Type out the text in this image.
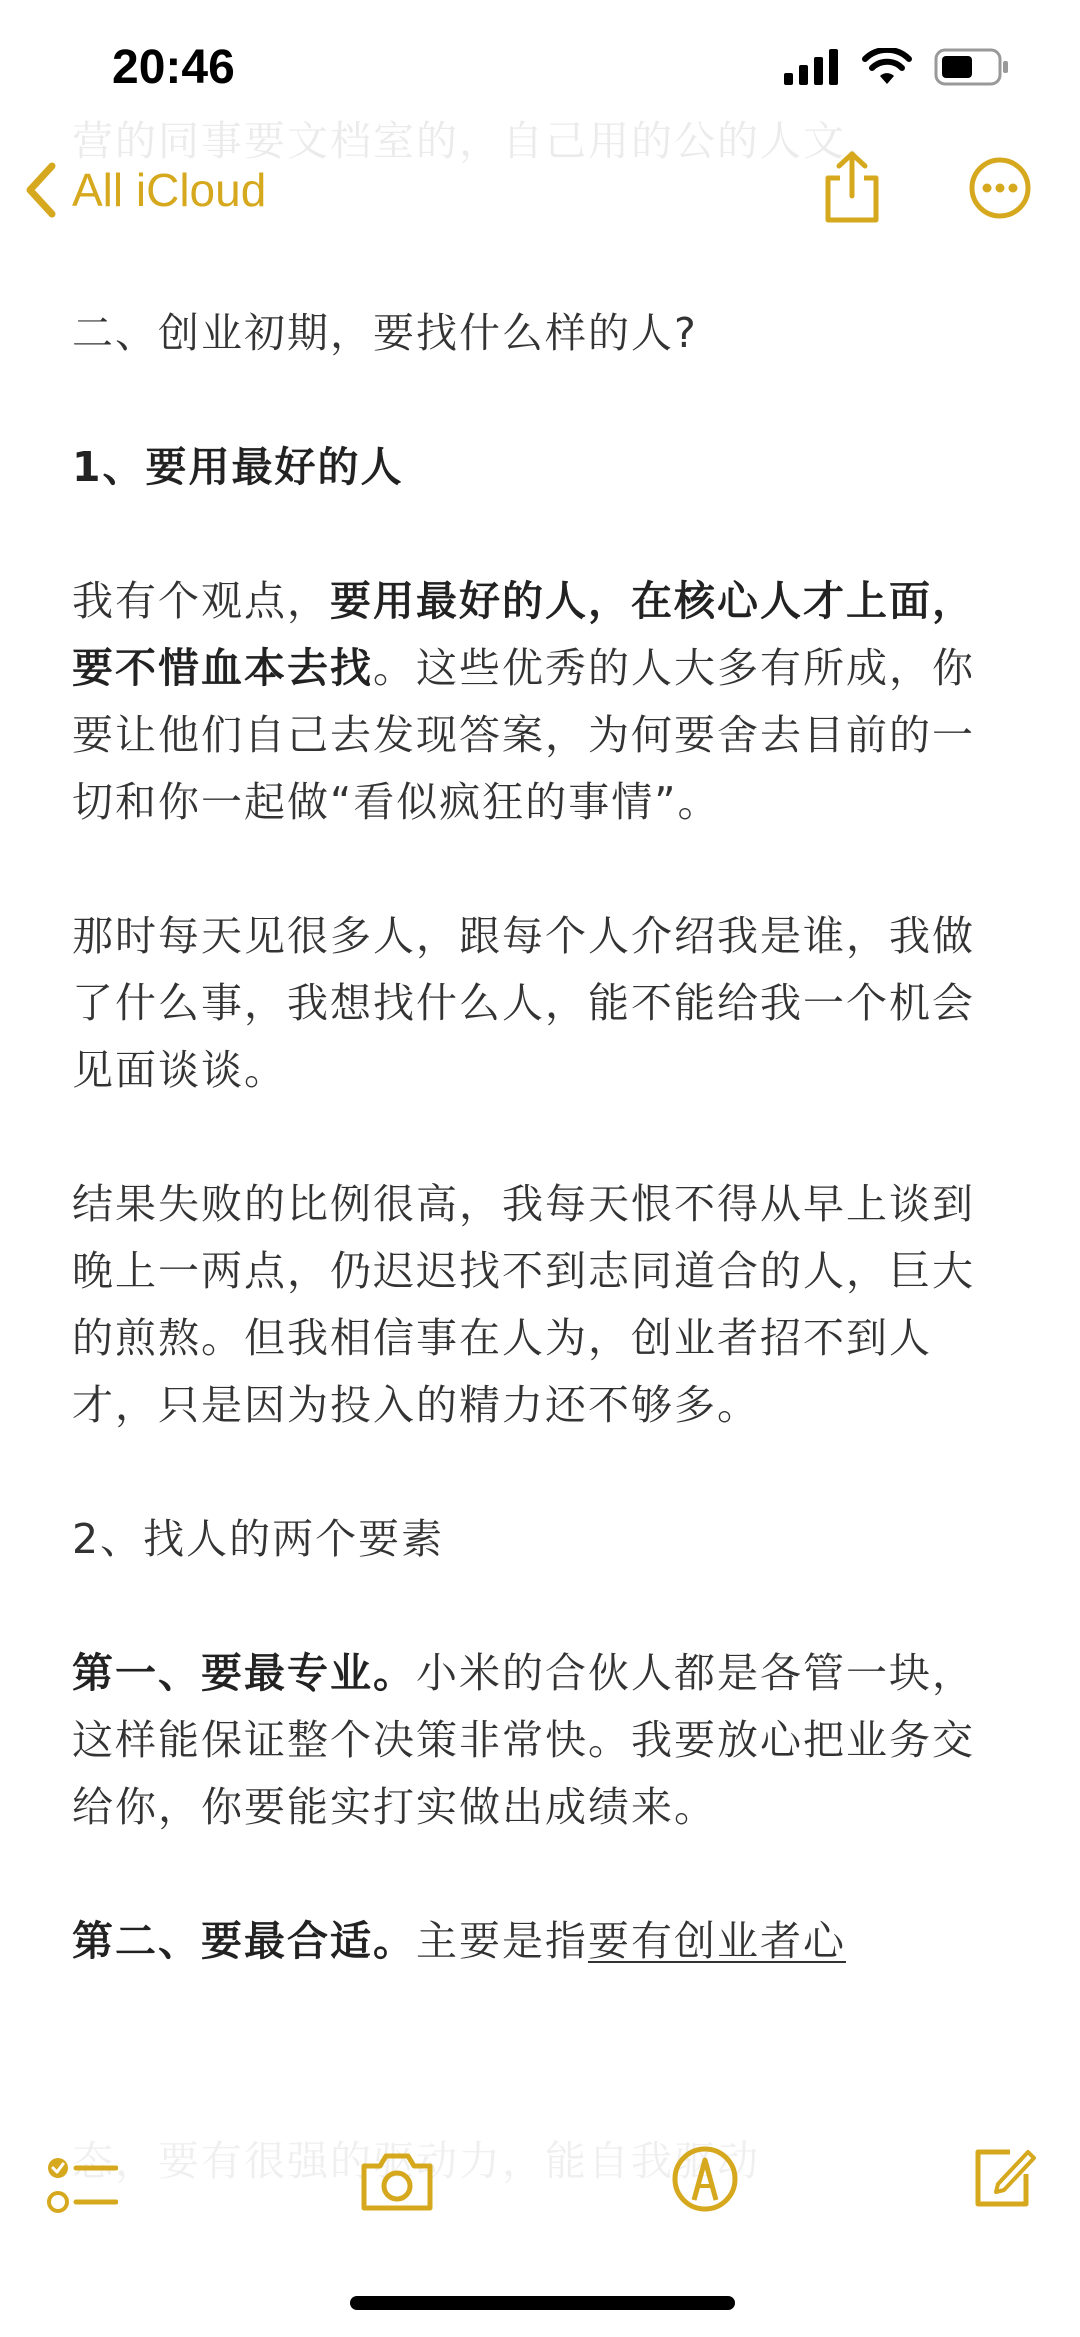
20:46
营的同事要文档室的，自己用的公的人文，
All iCloud

二、创业初期，要找什么样的人?

1、要用最好的人

我有个观点，要用最好的人，在核心人才上面，要不惜血本去找。这些优秀的人大多有所成，你要让他们自己去发现答案，为何要舍去目前的一切和你一起做“看似疯狂的事情”。

那时每天见很多人，跟每个人介绍我是谁，我做了什么事，我想找什么人，能不能给我一个机会见面谈谈。

结果失败的比例很高，我每天恨不得从早上谈到晚上一两点，仍迟迟找不到志同道合的人，巨大的煎熬。但我相信事在人为，创业者招不到人才，只是因为投入的精力还不够多。

2、找人的两个要素

第一、要最专业。小米的合伙人都是各管一块，这样能保证整个决策非常快。我要放心把业务交给你，你要能实打实做出成绩来。

第二、要最合适。主要是指要有创业者心

态，要有很强的驱动力，能自我驱动
